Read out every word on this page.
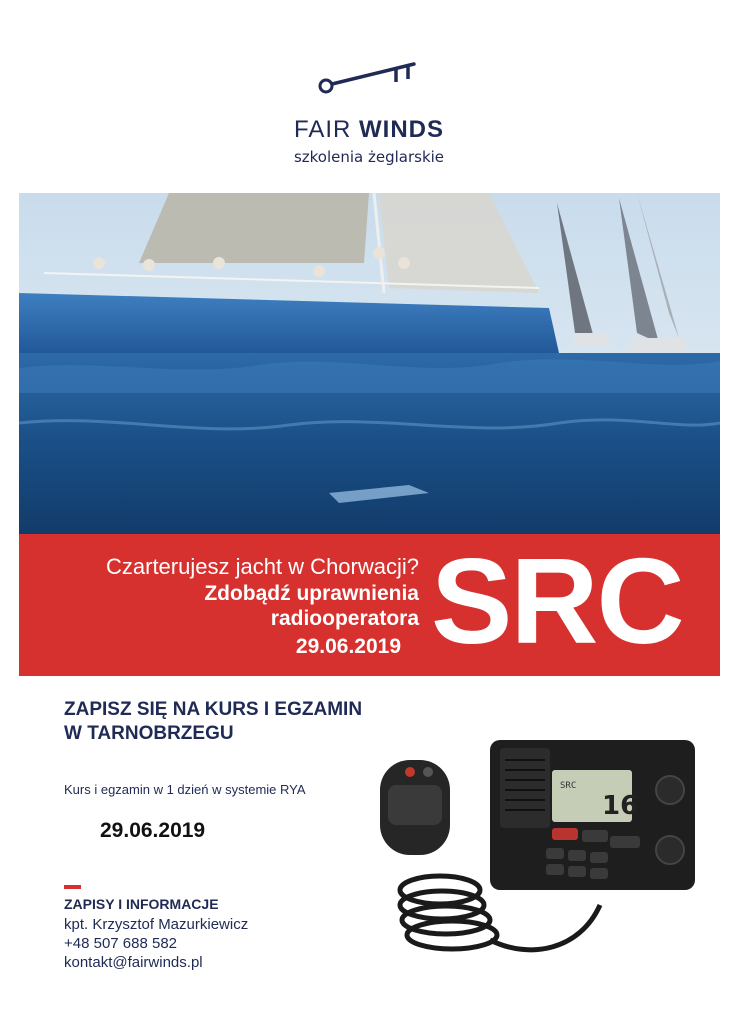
FAIR WINDS
szkolenia żeglarskie
Czarterujesz jacht w Chorwacji?
Zdobądź uprawnienia
radiooperatora
29.06.2019 SRC
ZAPISZ SIĘ NA KURS I EGZAMIN
W TARNOBRZEGU
Kurs i egzamin w 1 dzień w systemie RYA
29.06.2019
ZAPISY I INFORMACJE
kpt. Krzysztof Mazurkiewicz
+48 507 688 582
kontakt@fairwinds.pl
SRC
16
